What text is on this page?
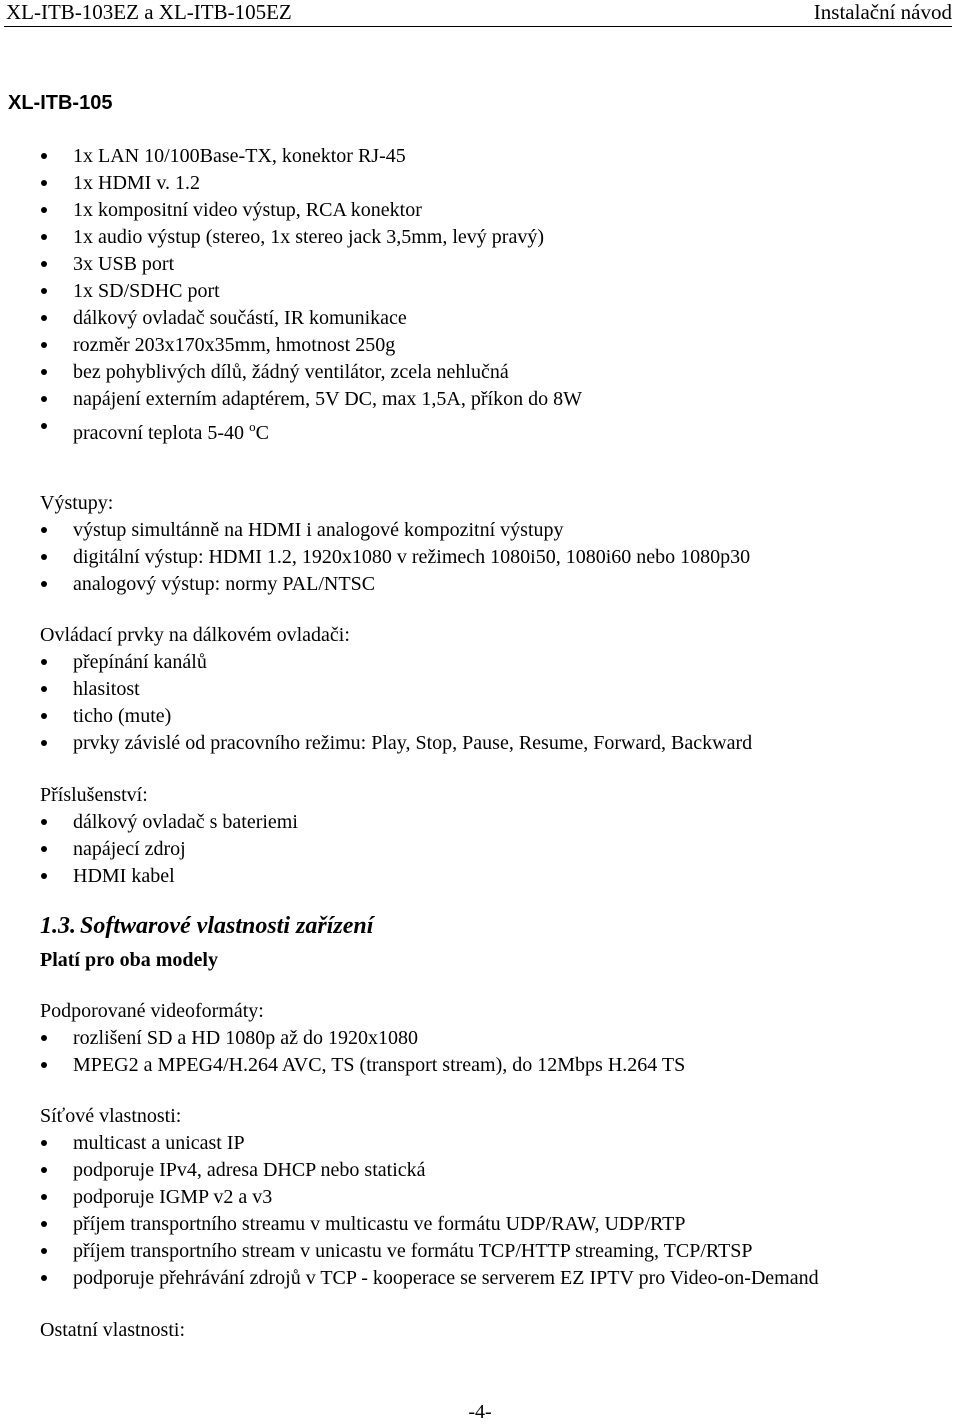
XL-ITB-103EZ a XL-ITB-105EZ	Instalační návod
XL-ITB-105
1x LAN 10/100Base-TX, konektor RJ-45
1x HDMI v. 1.2
1x kompositní video výstup, RCA konektor
1x audio výstup (stereo, 1x stereo jack 3,5mm, levý pravý)
3x USB port
1x SD/SDHC port
dálkový ovladač součástí, IR komunikace
rozměr 203x170x35mm, hmotnost 250g
bez pohyblivých dílů, žádný ventilátor, zcela nehlučná
napájení externím adaptérem, 5V DC, max 1,5A, příkon do 8W
pracovní teplota 5-40 $^o$C
Výstupy:
výstup simultánně na HDMI i analogové kompozitní výstupy
digitální výstup: HDMI 1.2, 1920x1080 v režimech 1080i50, 1080i60 nebo 1080p30
analogový výstup: normy PAL/NTSC
Ovládací prvky na dálkovém ovladači:
přepínání kanálů
hlasitost
ticho (mute)
prvky závislé od pracovního režimu: Play, Stop, Pause, Resume, Forward, Backward
Příslušenství:
dálkový ovladač s bateriemi
napájecí zdroj
HDMI kabel
1.3. Softwarové vlastnosti zařízení
Platí pro oba modely
Podporované videoformáty:
rozlišení SD a HD 1080p až do 1920x1080
MPEG2 a MPEG4/H.264 AVC, TS (transport stream), do 12Mbps H.264 TS
Síťové vlastnosti:
multicast a unicast IP
podporuje IPv4, adresa DHCP nebo statická
podporuje IGMP v2 a v3
příjem transportního streamu v multicastu ve formátu UDP/RAW, UDP/RTP
příjem transportního stream v unicastu ve formátu TCP/HTTP streaming, TCP/RTSP
podporuje přehrávání zdrojů v TCP - kooperace se serverem EZ IPTV pro Video-on-Demand
Ostatní vlastnosti:
-4-
